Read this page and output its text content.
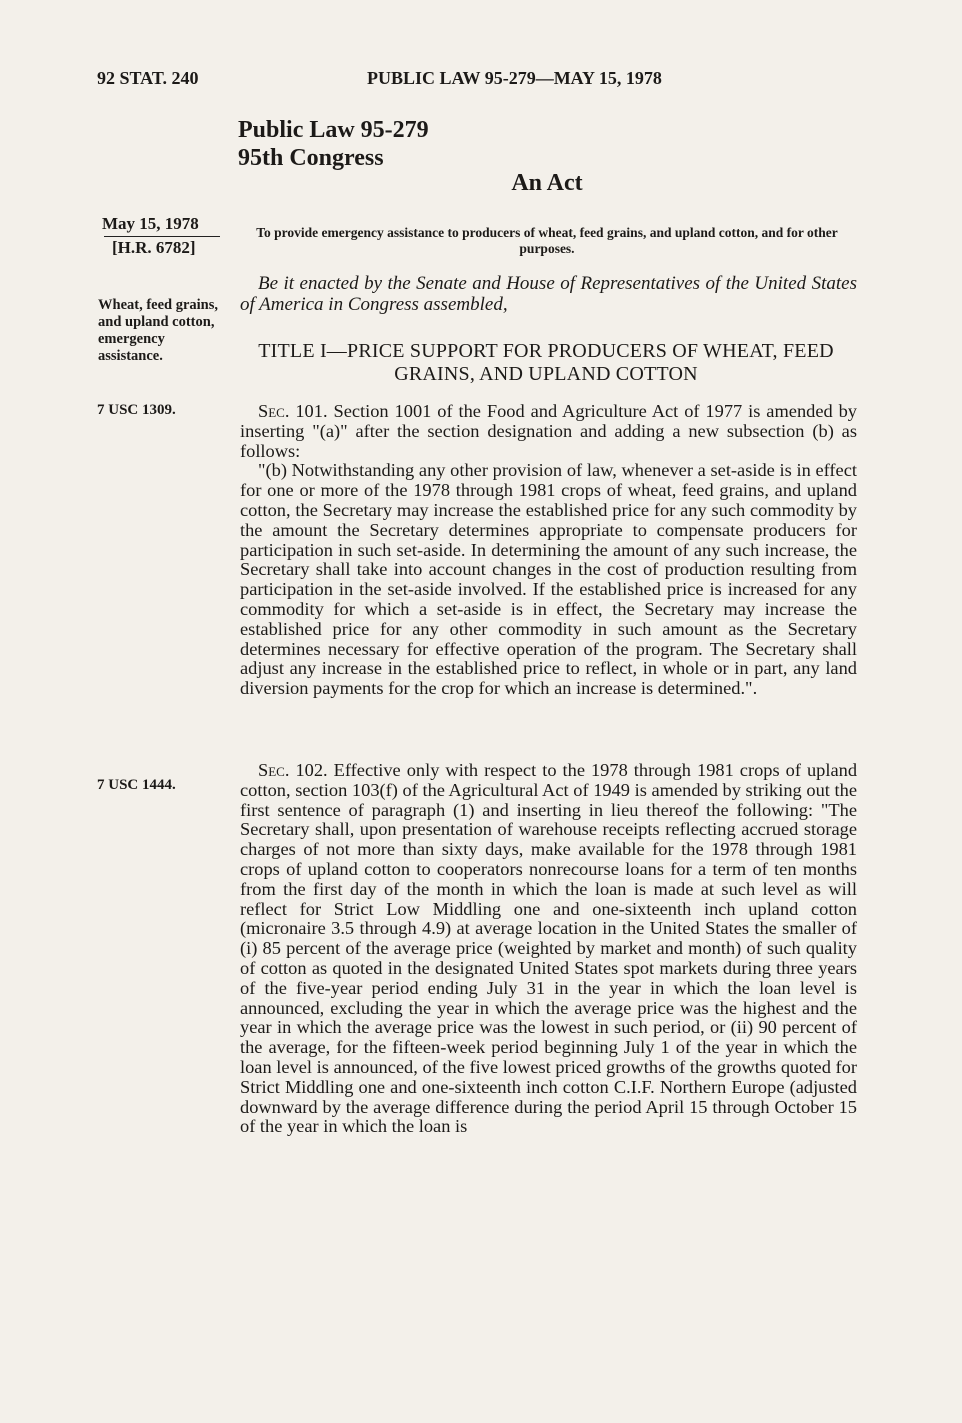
92 STAT. 240	PUBLIC LAW 95-279—MAY 15, 1978
Public Law 95-279
95th Congress
An Act
May 15, 1978
[H.R. 6782]
To provide emergency assistance to producers of wheat, feed grains, and upland cotton, and for other purposes.
Be it enacted by the Senate and House of Representatives of the United States of America in Congress assembled,
Wheat, feed grains, and upland cotton, emergency assistance.	TITLE I—PRICE SUPPORT FOR PRODUCERS OF WHEAT, FEED GRAINS, AND UPLAND COTTON
7 USC 1309.
7 USC 1444.

Sec. 101. Section 1001 of the Food and Agriculture Act of 1977 is amended by inserting "(a)" after the section designation and adding a new subsection (b) as follows:

"(b) Notwithstanding any other provision of law, whenever a set-aside is in effect for one or more of the 1978 through 1981 crops of wheat, feed grains, and upland cotton, the Secretary may increase the established price for any such commodity by the amount the Secretary determines appropriate to compensate producers for participation in such set-aside. In determining the amount of any such increase, the Secretary shall take into account changes in the cost of production resulting from participation in the set-aside involved. If the established price is increased for any commodity for which a set-aside is in effect, the Secretary may increase the established price for any other commodity in such amount as the Secretary determines necessary for effective operation of the program. The Secretary shall adjust any increase in the established price to reflect, in whole or in part, any land diversion payments for the crop for which an increase is determined.".

Sec. 102. Effective only with respect to the 1978 through 1981 crops of upland cotton, section 103(f) of the Agricultural Act of 1949 is amended by striking out the first sentence of paragraph (1) and inserting in lieu thereof the following: "The Secretary shall, upon presentation of warehouse receipts reflecting accrued storage charges of not more than sixty days, make available for the 1978 through 1981 crops of upland cotton to cooperators nonrecourse loans for a term of ten months from the first day of the month in which the loan is made at such level as will reflect for Strict Low Middling one and one-sixteenth inch upland cotton (micronaire 3.5 through 4.9) at average location in the United States the smaller of (i) 85 percent of the average price (weighted by market and month) of such quality of cotton as quoted in the designated United States spot markets during three years of the five-year period ending July 31 in the year in which the loan level is announced, excluding the year in which the average price was the highest and the year in which the average price was the lowest in such period, or (ii) 90 percent of the average, for the fifteen-week period beginning July 1 of the year in which the loan level is announced, of the five lowest priced growths of the growths quoted for Strict Middling one and one-sixteenth inch cotton C.I.F. Northern Europe (adjusted downward by the average difference during the period April 15 through October 15 of the year in which the loan is
